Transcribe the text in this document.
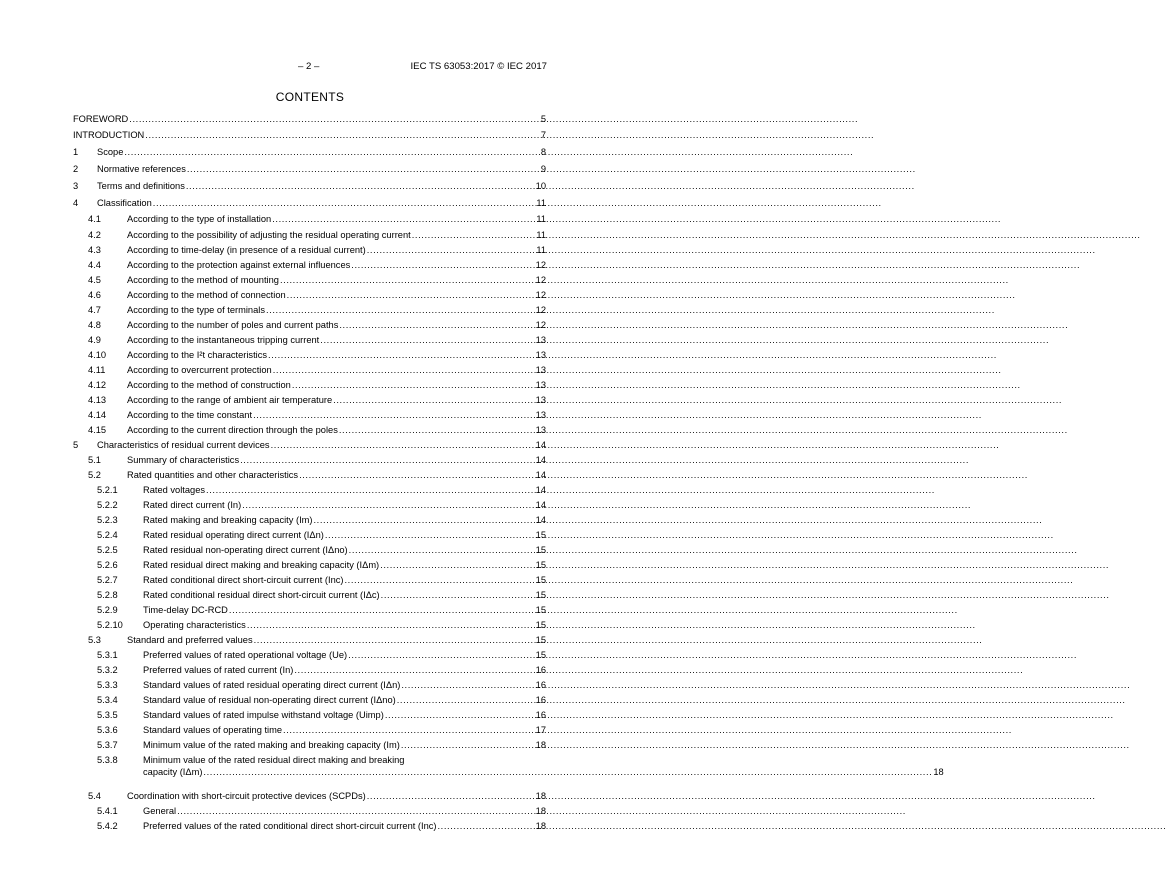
– 2 –	IEC TS 63053:2017 © IEC 2017
CONTENTS
FOREWORD .....	5
INTRODUCTION .....	7
1	Scope .....	8
2	Normative references .....	9
3	Terms and definitions .....	10
4	Classification .....	11
4.1	According to the type of installation .....	11
4.2	According to the possibility of adjusting the residual operating current .....	11
4.3	According to time-delay (in presence of a residual current) .....	11
4.4	According to the protection against external influences .....	12
4.5	According to the method of mounting .....	12
4.6	According to the method of connection .....	12
4.7	According to the type of terminals .....	12
4.8	According to the number of poles and current paths .....	12
4.9	According to the instantaneous tripping current .....	13
4.10	According to the I²t characteristics .....	13
4.11	According to overcurrent protection .....	13
4.12	According to the method of construction .....	13
4.13	According to the range of ambient air temperature .....	13
4.14	According to the time constant .....	13
4.15	According to the current direction through the poles .....	13
5	Characteristics of residual current devices .....	14
5.1	Summary of characteristics .....	14
5.2	Rated quantities and other characteristics .....	14
5.2.1	Rated voltages .....	14
5.2.2	Rated direct current (In) .....	14
5.2.3	Rated making and breaking capacity (Im) .....	14
5.2.4	Rated residual operating direct current (IΔn) .....	15
5.2.5	Rated residual non-operating direct current (IΔno) .....	15
5.2.6	Rated residual direct making and breaking capacity (IΔm) .....	15
5.2.7	Rated conditional direct short-circuit current (Inc) .....	15
5.2.8	Rated conditional residual direct short-circuit current (IΔc) .....	15
5.2.9	Time-delay DC-RCD .....	15
5.2.10	Operating characteristics .....	15
5.3	Standard and preferred values .....	15
5.3.1	Preferred values of rated operational voltage (Ue) .....	15
5.3.2	Preferred values of rated current (In) .....	16
5.3.3	Standard values of rated residual operating direct current (IΔn) .....	16
5.3.4	Standard value of residual non-operating direct current (IΔno) .....	16
5.3.5	Standard values of rated impulse withstand voltage (Uimp) .....	16
5.3.6	Standard values of operating time .....	17
5.3.7	Minimum value of the rated making and breaking capacity (Im) .....	18
5.3.8	Minimum value of the rated residual direct making and breaking
capacity (IΔm) .....	18
5.4	Coordination with short-circuit protective devices (SCPDs) .....	18
5.4.1	General .....	18
5.4.2	Preferred values of the rated conditional direct short-circuit current (Inc) .....	18
